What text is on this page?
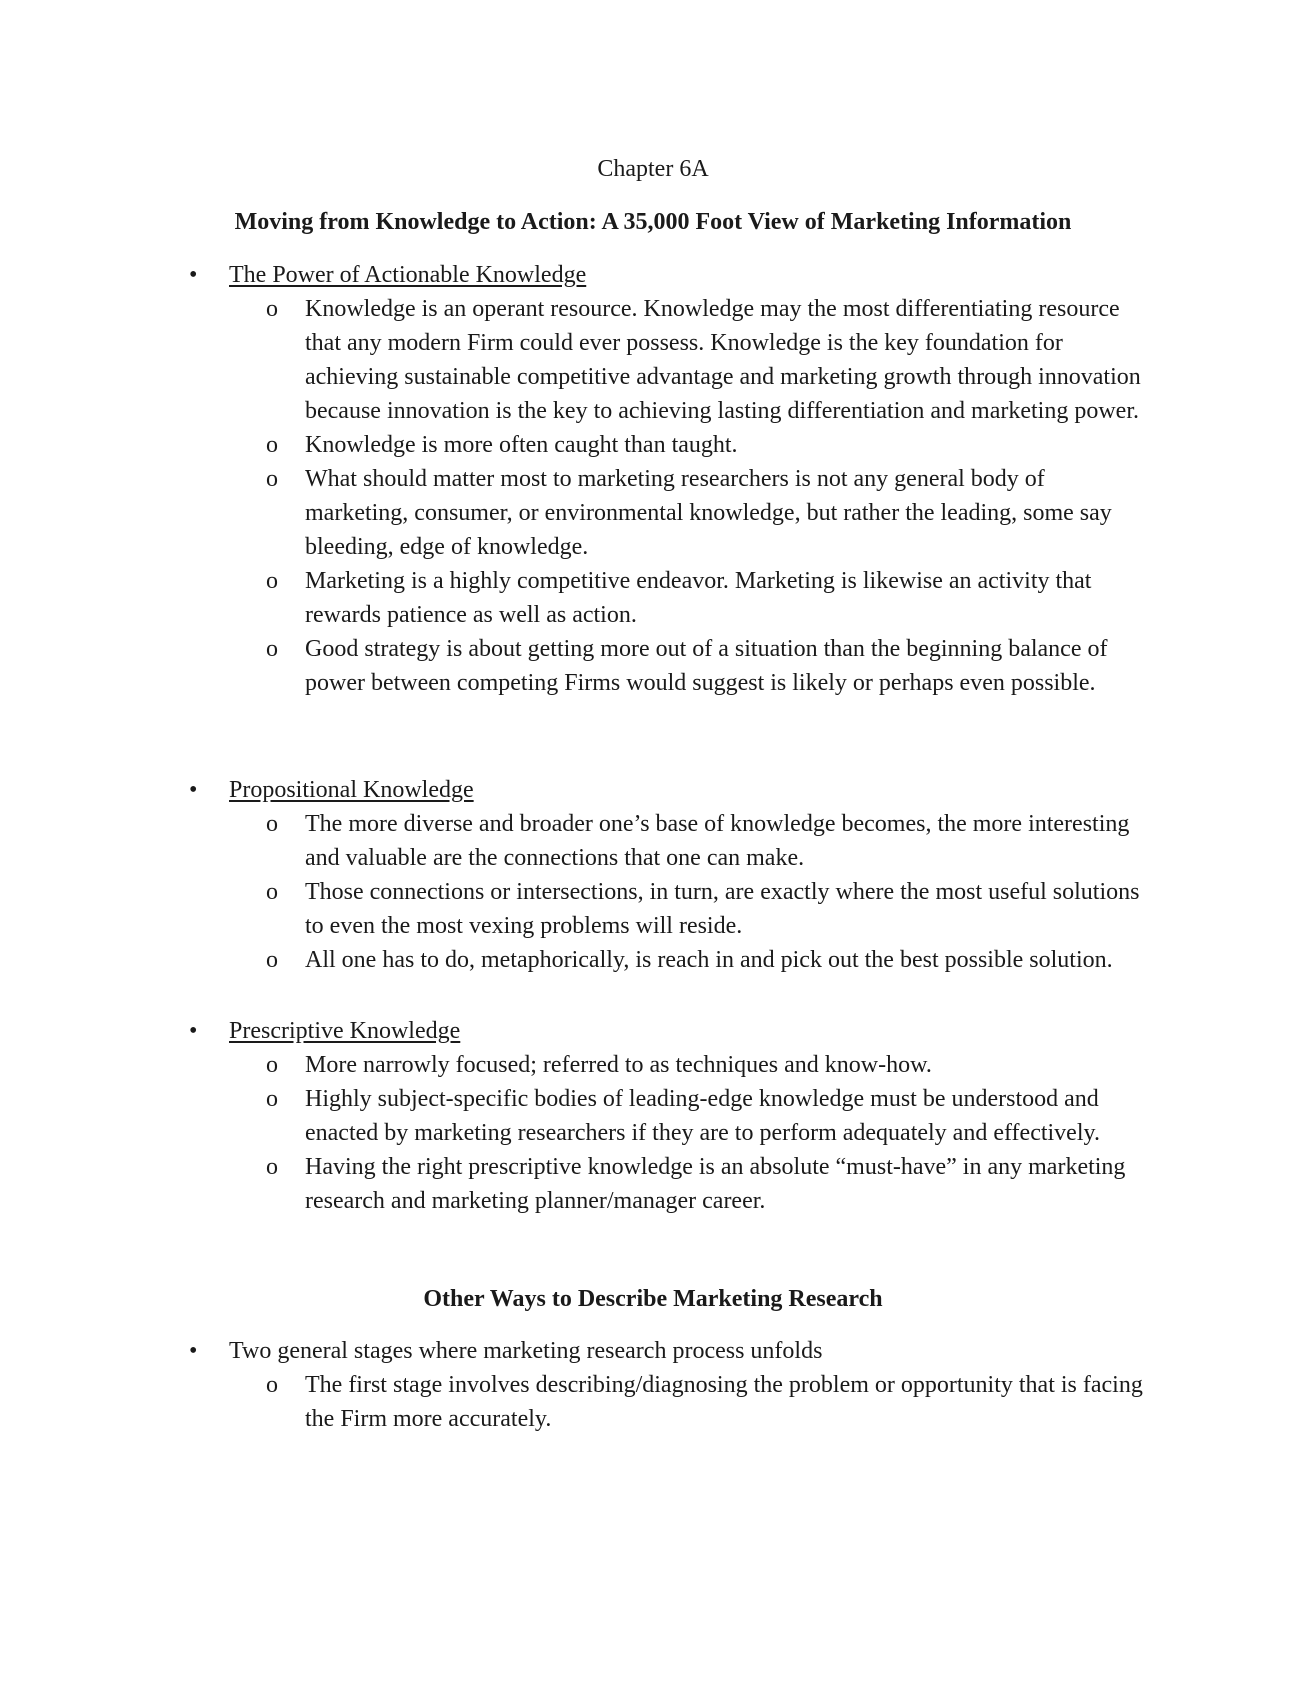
Chapter 6A
Moving from Knowledge to Action: A 35,000 Foot View of Marketing Information
• The Power of Actionable Knowledge
o Knowledge is an operant resource. Knowledge may the most differentiating resource that any modern Firm could ever possess. Knowledge is the key foundation for achieving sustainable competitive advantage and marketing growth through innovation because innovation is the key to achieving lasting differentiation and marketing power.
o Knowledge is more often caught than taught.
o What should matter most to marketing researchers is not any general body of marketing, consumer, or environmental knowledge, but rather the leading, some say bleeding, edge of knowledge.
o Marketing is a highly competitive endeavor. Marketing is likewise an activity that rewards patience as well as action.
o Good strategy is about getting more out of a situation than the beginning balance of power between competing Firms would suggest is likely or perhaps even possible.
• Propositional Knowledge
o The more diverse and broader one’s base of knowledge becomes, the more interesting and valuable are the connections that one can make.
o Those connections or intersections, in turn, are exactly where the most useful solutions to even the most vexing problems will reside.
o All one has to do, metaphorically, is reach in and pick out the best possible solution.
• Prescriptive Knowledge
o More narrowly focused; referred to as techniques and know-how.
o Highly subject-specific bodies of leading-edge knowledge must be understood and enacted by marketing researchers if they are to perform adequately and effectively.
o Having the right prescriptive knowledge is an absolute “must-have” in any marketing research and marketing planner/manager career.
Other Ways to Describe Marketing Research
• Two general stages where marketing research process unfolds
o The first stage involves describing/diagnosing the problem or opportunity that is facing the Firm more accurately.
